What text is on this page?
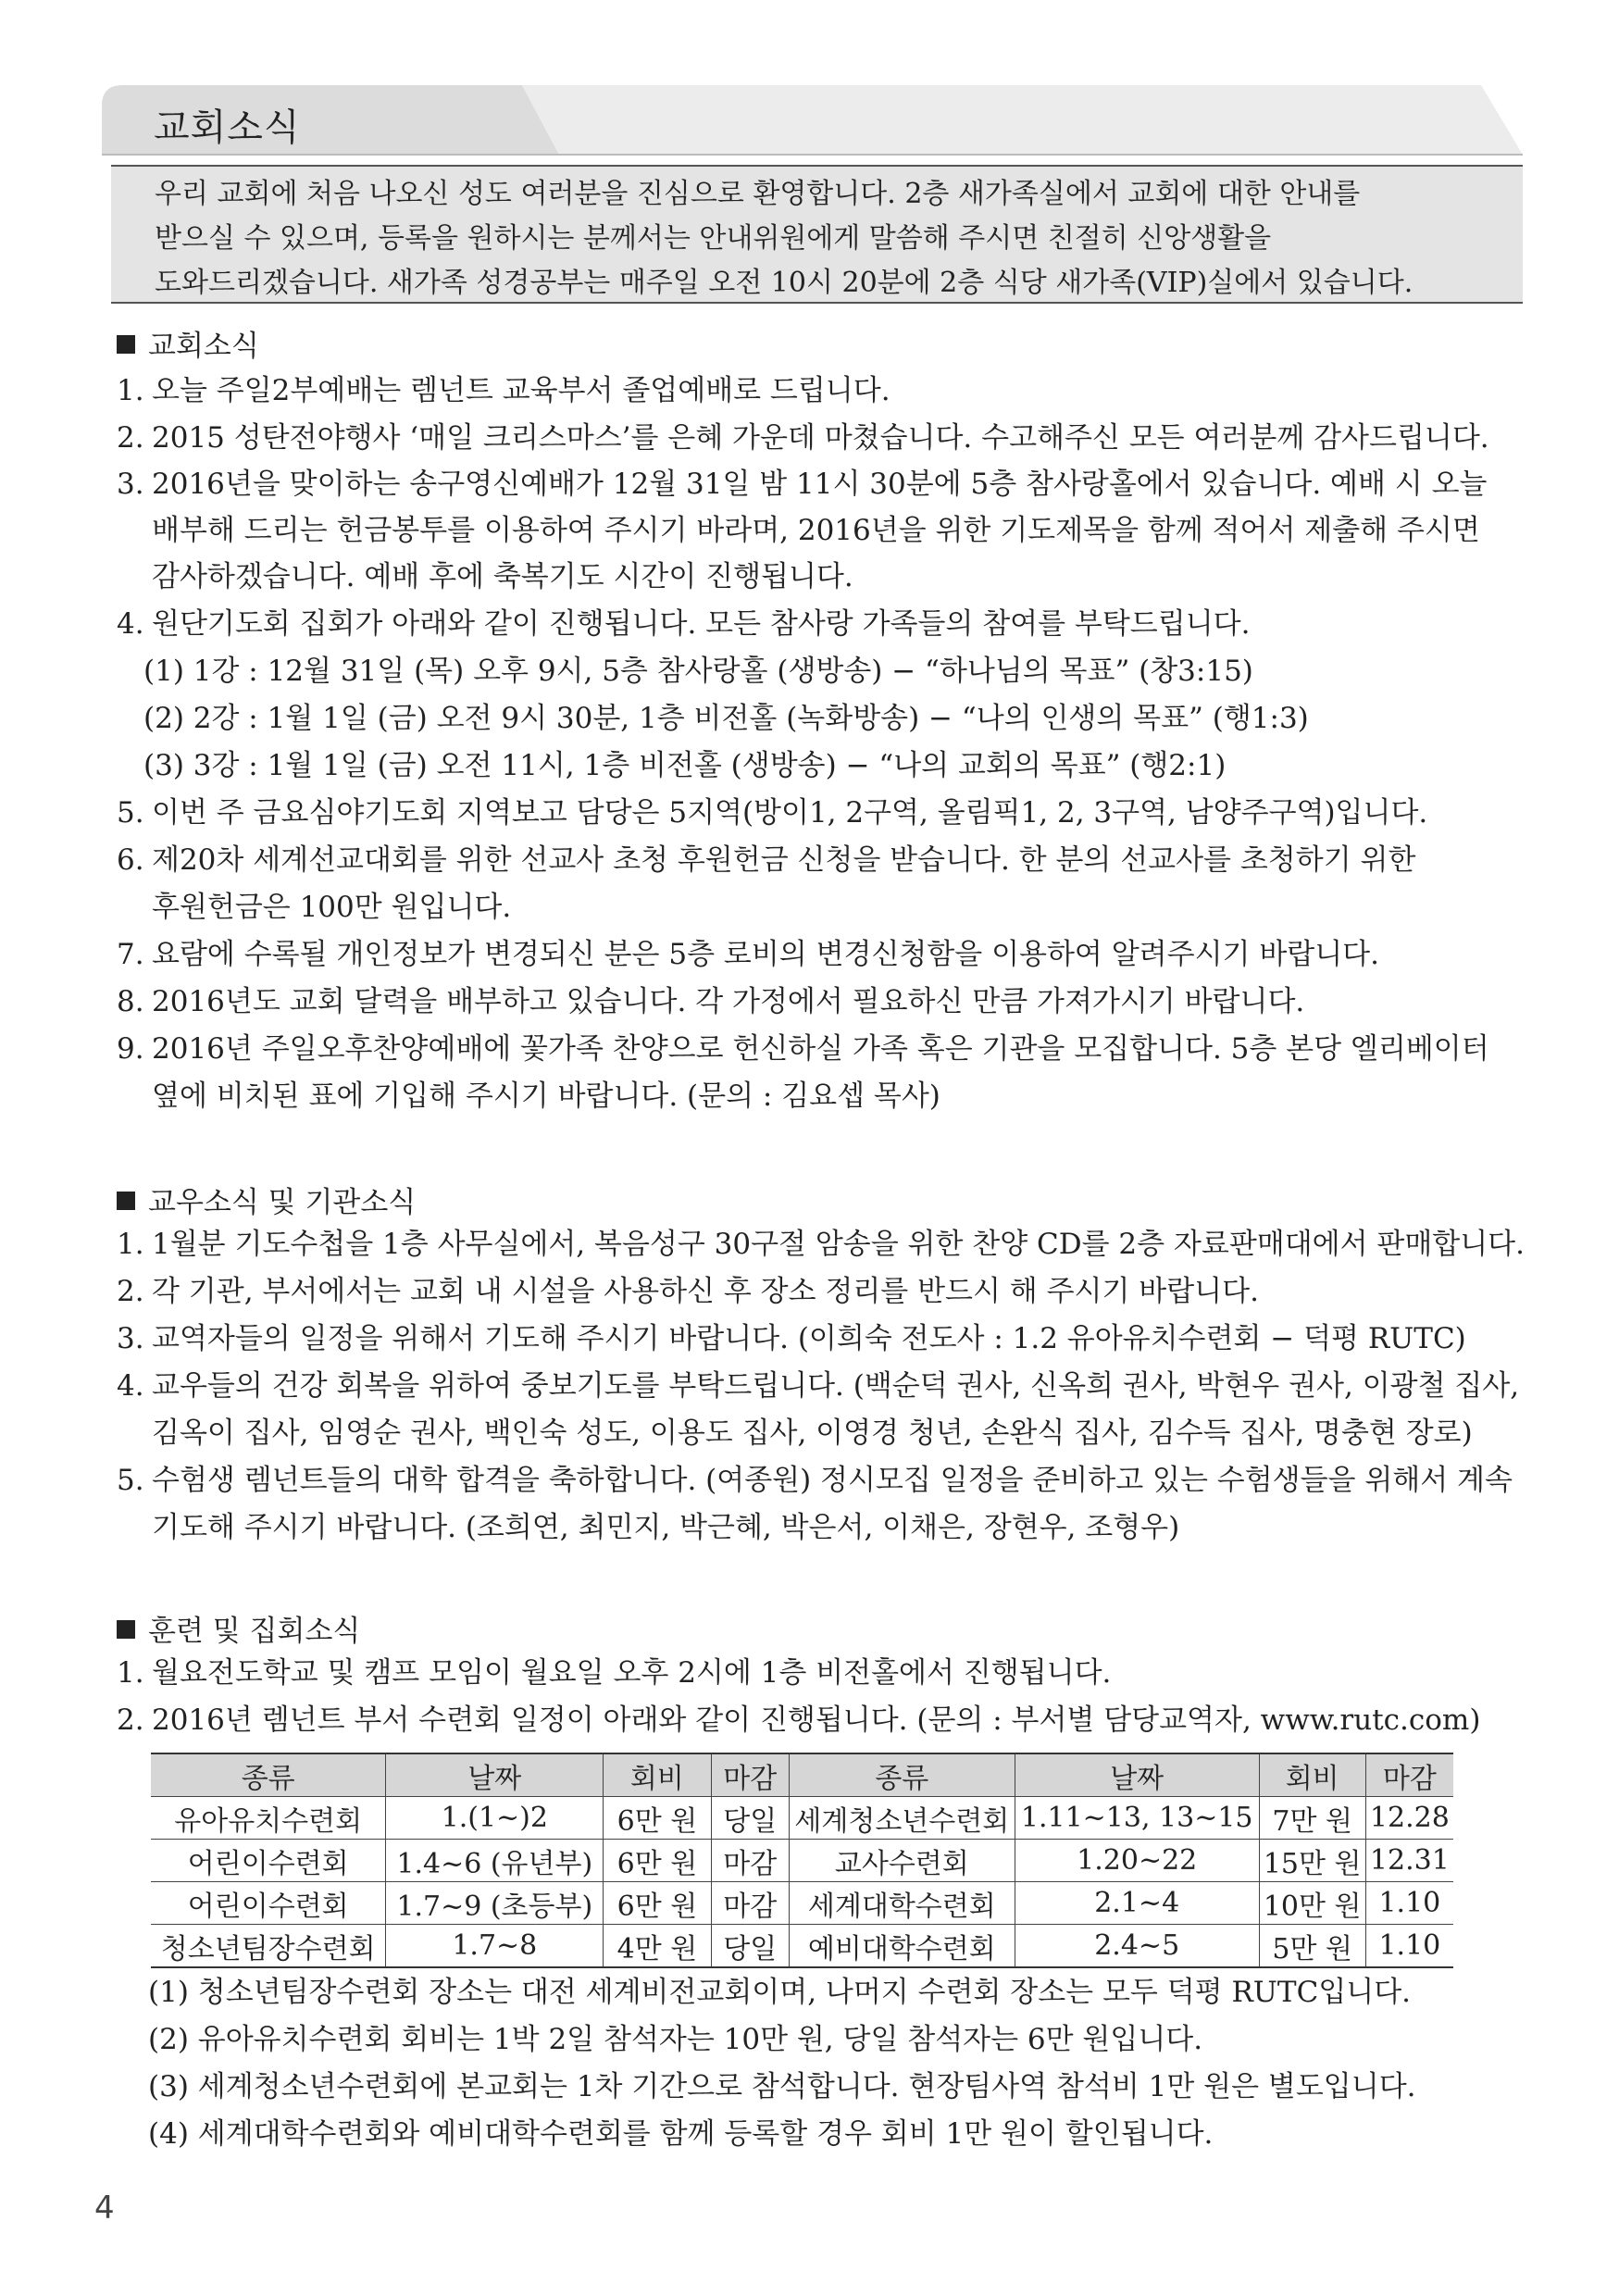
교회소식
우리 교회에 처음 나오신 성도 여러분을 진심으로 환영합니다. 2층 새가족실에서 교회에 대한 안내를
받으실 수 있으며, 등록을 원하시는 분께서는 안내위원에게 말씀해 주시면 친절히 신앙생활을
도와드리겠습니다. 새가족 성경공부는 매주일 오전 10시 20분에 2층 식당 새가족(VIP)실에서 있습니다.
교회소식
1. 오늘 주일2부예배는 렘넌트 교육부서 졸업예배로 드립니다.
2. 2015 성탄전야행사 ‘매일 크리스마스’를 은혜 가운데 마쳤습니다. 수고해주신 모든 여러분께 감사드립니다.
3. 2016년을 맞이하는 송구영신예배가 12월 31일 밤 11시 30분에 5층 참사랑홀에서 있습니다. 예배 시 오늘
배부해 드리는 헌금봉투를 이용하여 주시기 바라며, 2016년을 위한 기도제목을 함께 적어서 제출해 주시면
감사하겠습니다. 예배 후에 축복기도 시간이 진행됩니다.
4. 원단기도회 집회가 아래와 같이 진행됩니다. 모든 참사랑 가족들의 참여를 부탁드립니다.
(1) 1강 : 12월 31일 (목) 오후 9시, 5층 참사랑홀 (생방송) − “하나님의 목표” (창3:15)
(2) 2강 : 1월 1일 (금) 오전 9시 30분, 1층 비전홀 (녹화방송) − “나의 인생의 목표” (행1:3)
(3) 3강 : 1월 1일 (금) 오전 11시, 1층 비전홀 (생방송) − “나의 교회의 목표” (행2:1)
5. 이번 주 금요심야기도회 지역보고 담당은 5지역(방이1, 2구역, 올림픽1, 2, 3구역, 남양주구역)입니다.
6. 제20차 세계선교대회를 위한 선교사 초청 후원헌금 신청을 받습니다. 한 분의 선교사를 초청하기 위한
후원헌금은 100만 원입니다.
7. 요람에 수록될 개인정보가 변경되신 분은 5층 로비의 변경신청함을 이용하여 알려주시기 바랍니다.
8. 2016년도 교회 달력을 배부하고 있습니다. 각 가정에서 필요하신 만큼 가져가시기 바랍니다.
9. 2016년 주일오후찬양예배에 꽃가족 찬양으로 헌신하실 가족 혹은 기관을 모집합니다. 5층 본당 엘리베이터
옆에 비치된 표에 기입해 주시기 바랍니다. (문의 : 김요셉 목사)
교우소식 및 기관소식
1. 1월분 기도수첩을 1층 사무실에서, 복음성구 30구절 암송을 위한 찬양 CD를 2층 자료판매대에서 판매합니다.
2. 각 기관, 부서에서는 교회 내 시설을 사용하신 후 장소 정리를 반드시 해 주시기 바랍니다.
3. 교역자들의 일정을 위해서 기도해 주시기 바랍니다. (이희숙 전도사 : 1.2 유아유치수련회 − 덕평 RUTC)
4. 교우들의 건강 회복을 위하여 중보기도를 부탁드립니다. (백순덕 권사, 신옥희 권사, 박현우 권사, 이광철 집사,
김옥이 집사, 임영순 권사, 백인숙 성도, 이용도 집사, 이영경 청년, 손완식 집사, 김수득 집사, 명충현 장로)
5. 수험생 렘넌트들의 대학 합격을 축하합니다. (여종원) 정시모집 일정을 준비하고 있는 수험생들을 위해서 계속
기도해 주시기 바랍니다. (조희연, 최민지, 박근혜, 박은서, 이채은, 장현우, 조형우)
훈련 및 집회소식
1. 월요전도학교 및 캠프 모임이 월요일 오후 2시에 1층 비전홀에서 진행됩니다.
2. 2016년 렘넌트 부서 수련회 일정이 아래와 같이 진행됩니다. (문의 : 부서별 담당교역자, www.rutc.com)
종류	날짜	회비	마감	종류	날짜	회비	마감
유아유치수련회	1.(1~)2	6만 원	당일	세계청소년수련회	1.11~13, 13~15	7만 원	12.28
어린이수련회	1.4~6 (유년부)	6만 원	마감	교사수련회	1.20~22	15만 원	12.31
어린이수련회	1.7~9 (초등부)	6만 원	마감	세계대학수련회	2.1~4	10만 원	1.10
청소년팀장수련회	1.7~8	4만 원	당일	예비대학수련회	2.4~5	5만 원	1.10
(1) 청소년팀장수련회 장소는 대전 세계비전교회이며, 나머지 수련회 장소는 모두 덕평 RUTC입니다.
(2) 유아유치수련회 회비는 1박 2일 참석자는 10만 원, 당일 참석자는 6만 원입니다.
(3) 세계청소년수련회에 본교회는 1차 기간으로 참석합니다. 현장팀사역 참석비 1만 원은 별도입니다.
(4) 세계대학수련회와 예비대학수련회를 함께 등록할 경우 회비 1만 원이 할인됩니다.
4
